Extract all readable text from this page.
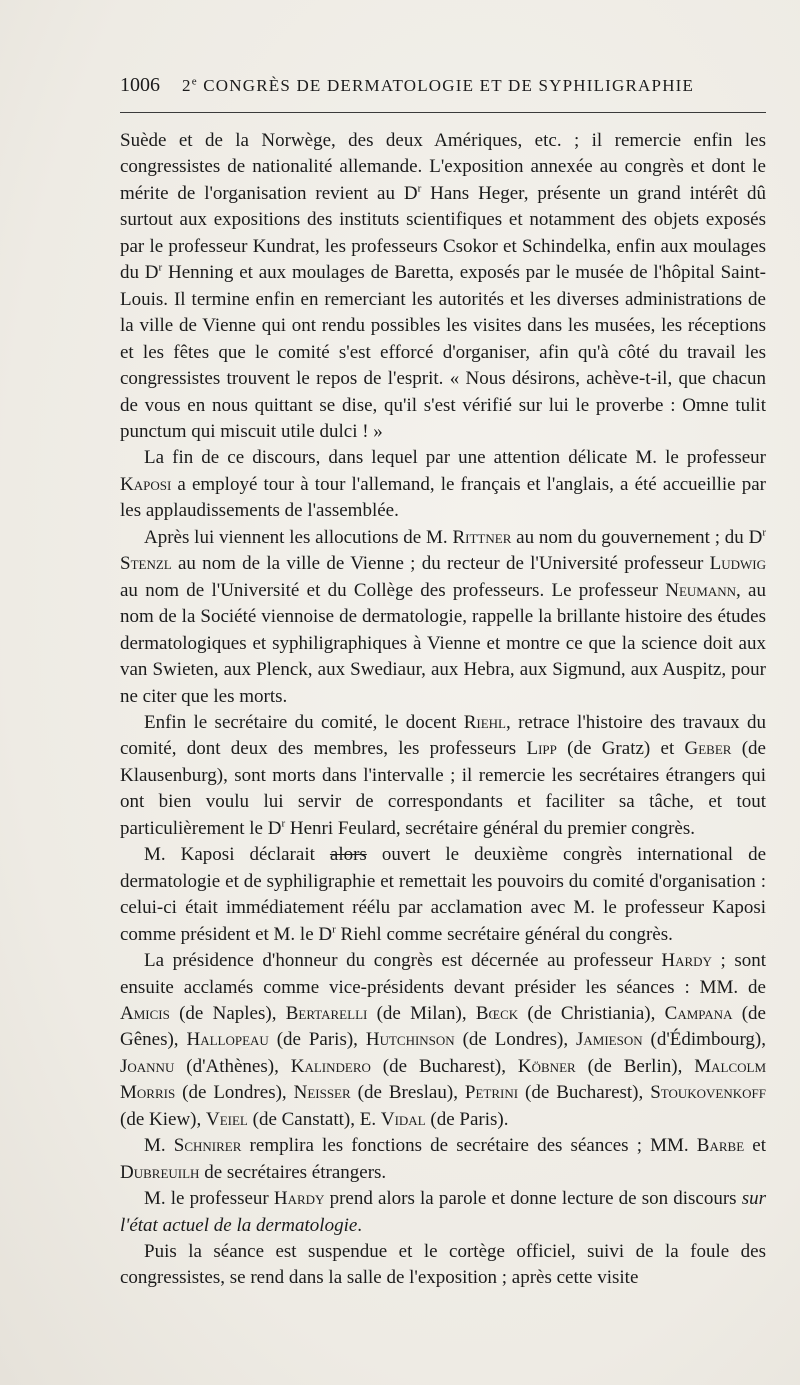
1006	2e CONGRÈS DE DERMATOLOGIE ET DE SYPHILIGRAPHIE

Suède et de la Norwège, des deux Amériques, etc. ; il remercie enfin les congressistes de nationalité allemande. L'exposition annexée au congrès et dont le mérite de l'organisation revient au $D^r$ Hans Heger, présente un grand intérêt dû surtout aux expositions des instituts scientifiques et notamment des objets exposés par le professeur Kundrat, les professeurs Csokor et Schindelka, enfin aux moulages du $D^r$ Henning et aux moulages de Baretta, exposés par le musée de l'hôpital Saint-Louis. Il termine enfin en remerciant les autorités et les diverses administrations de la ville de Vienne qui ont rendu possibles les visites dans les musées, les réceptions et les fêtes que le comité s'est efforcé d'organiser, afin qu'à côté du travail les congressistes trouvent le repos de l'esprit. « Nous désirons, achève-t-il, que chacun de vous en nous quittant se dise, qu'il s'est vérifié sur lui le proverbe : Omne tulit punctum qui miscuit utile dulci ! »

La fin de ce discours, dans lequel par une attention délicate M. le professeur Kaposi a employé tour à tour l'allemand, le français et l'anglais, a été accueillie par les applaudissements de l'assemblée.

Après lui viennent les allocutions de M. Rittner au nom du gouvernement ; du $D^r$ Stenzl au nom de la ville de Vienne ; du recteur de l'Université professeur Ludwig au nom de l'Université et du Collège des professeurs. Le professeur Neumann, au nom de la Société viennoise de dermatologie, rappelle la brillante histoire des études dermatologiques et syphiligraphiques à Vienne et montre ce que la science doit aux van Swieten, aux Plenck, aux Swediaur, aux Hebra, aux Sigmund, aux Auspitz, pour ne citer que les morts.

Enfin le secrétaire du comité, le docent Riehl, retrace l'histoire des travaux du comité, dont deux des membres, les professeurs Lipp (de Gratz) et Geber (de Klausenburg), sont morts dans l'intervalle ; il remercie les secrétaires étrangers qui ont bien voulu lui servir de correspondants et faciliter sa tâche, et tout particulièrement le $D^r$ Henri Feulard, secrétaire général du premier congrès.

M. Kaposi déclarait alors ouvert le deuxième congrès international de dermatologie et de syphiligraphie et remettait les pouvoirs du comité d'organisation : celui-ci était immédiatement réélu par acclamation avec M. le professeur Kaposi comme président et M. le $D^r$ Riehl comme secrétaire général du congrès.

La présidence d'honneur du congrès est décernée au professeur Hardy ; sont ensuite acclamés comme vice-présidents devant présider les séances : MM. de Amicis (de Naples), Bertarelli (de Milan), Bœck (de Christiania), Campana (de Gênes), Hallopeau (de Paris), Hutchinson (de Londres), Jamieson (d'Édimbourg), Joannu (d'Athènes), Kalindero (de Bucharest), Köbner (de Berlin), Malcolm Morris (de Londres), Neisser (de Breslau), Petrini (de Bucharest), Stoukovenkoff (de Kiew), Veiel (de Canstatt), E. Vidal (de Paris).

M. Schnirer remplira les fonctions de secrétaire des séances ; MM. Barbe et Dubreuilh de secrétaires étrangers.

M. le professeur Hardy prend alors la parole et donne lecture de son discours sur l'état actuel de la dermatologie.

Puis la séance est suspendue et le cortège officiel, suivi de la foule des congressistes, se rend dans la salle de l'exposition ; après cette visite
